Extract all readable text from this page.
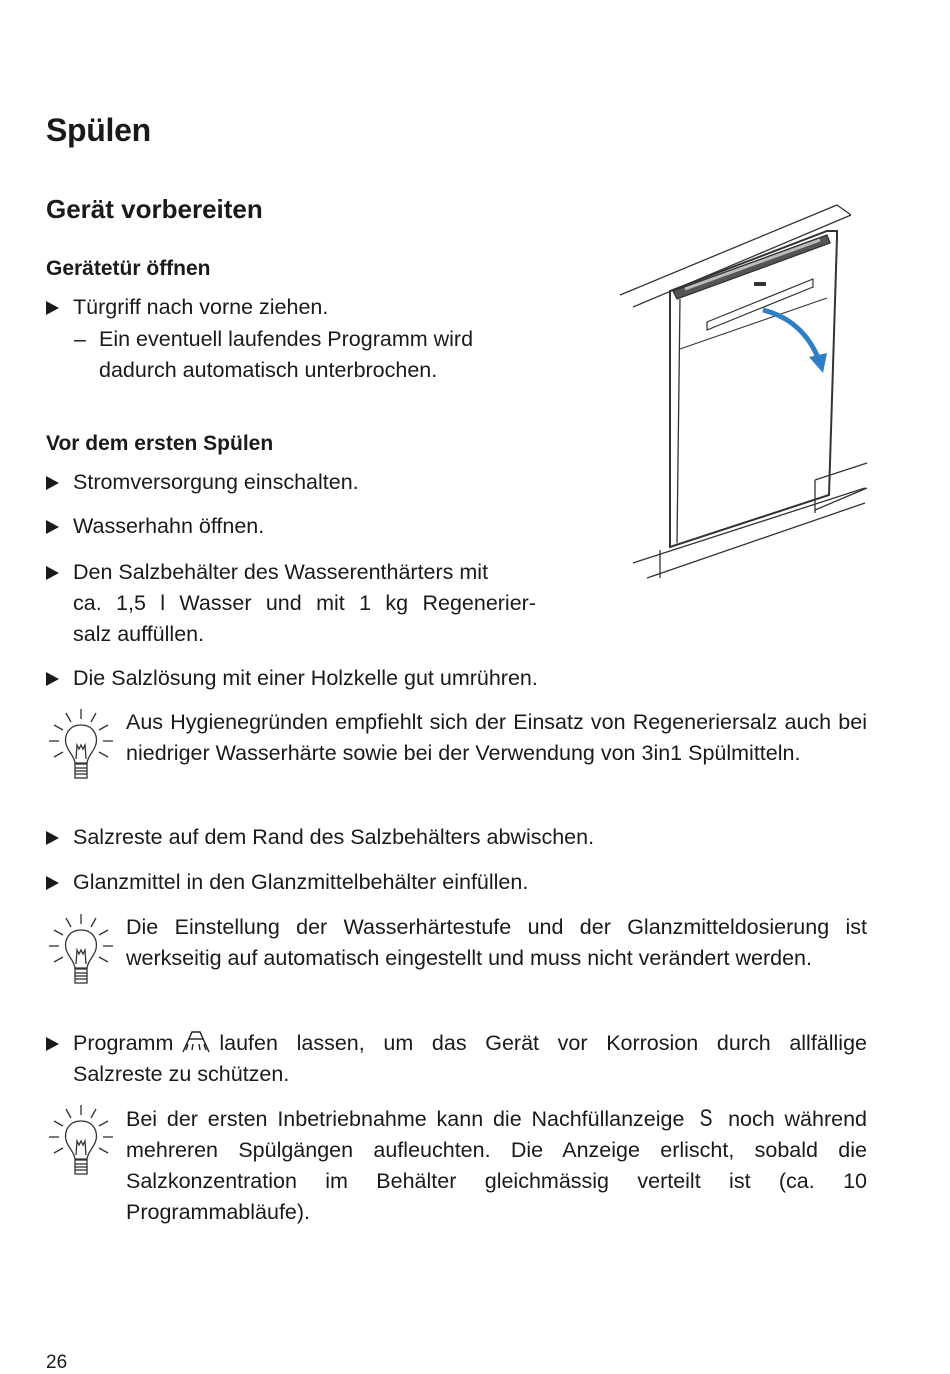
Spülen
Gerät vorbereiten
Gerätetür öffnen
Türgriff nach vorne ziehen.
– Ein eventuell laufendes Programm wird
dadurch automatisch unterbrochen.
Vor dem ersten Spülen
Stromversorgung einschalten.
Wasserhahn öffnen.
Den Salzbehälter des Wasserenthärters mit
ca. 1,5 l Wasser und mit 1 kg Regenerier-
salz auffüllen.
Die Salzlösung mit einer Holzkelle gut umrühren.
Aus Hygienegründen empfiehlt sich der Einsatz von Regeneriersalz auch bei niedriger Wasserhärte sowie bei der Verwendung von 3in1 Spülmitteln.
Salzreste auf dem Rand des Salzbehälters abwischen.
Glanzmittel in den Glanzmittelbehälter einfüllen.
Die Einstellung der Wasserhärtestufe und der Glanzmitteldosierung ist werkseitig auf automatisch eingestellt und muss nicht verändert werden.
Programm laufen lassen, um das Gerät vor Korrosion durch allfällige
Salzreste zu schützen.
Bei der ersten Inbetriebnahme kann die Nachfüllanzeige S noch während mehreren Spülgängen aufleuchten. Die Anzeige erlischt, sobald die Salzkonzentration im Behälter gleichmässig verteilt ist (ca. 10 Programmabläufe).
26
